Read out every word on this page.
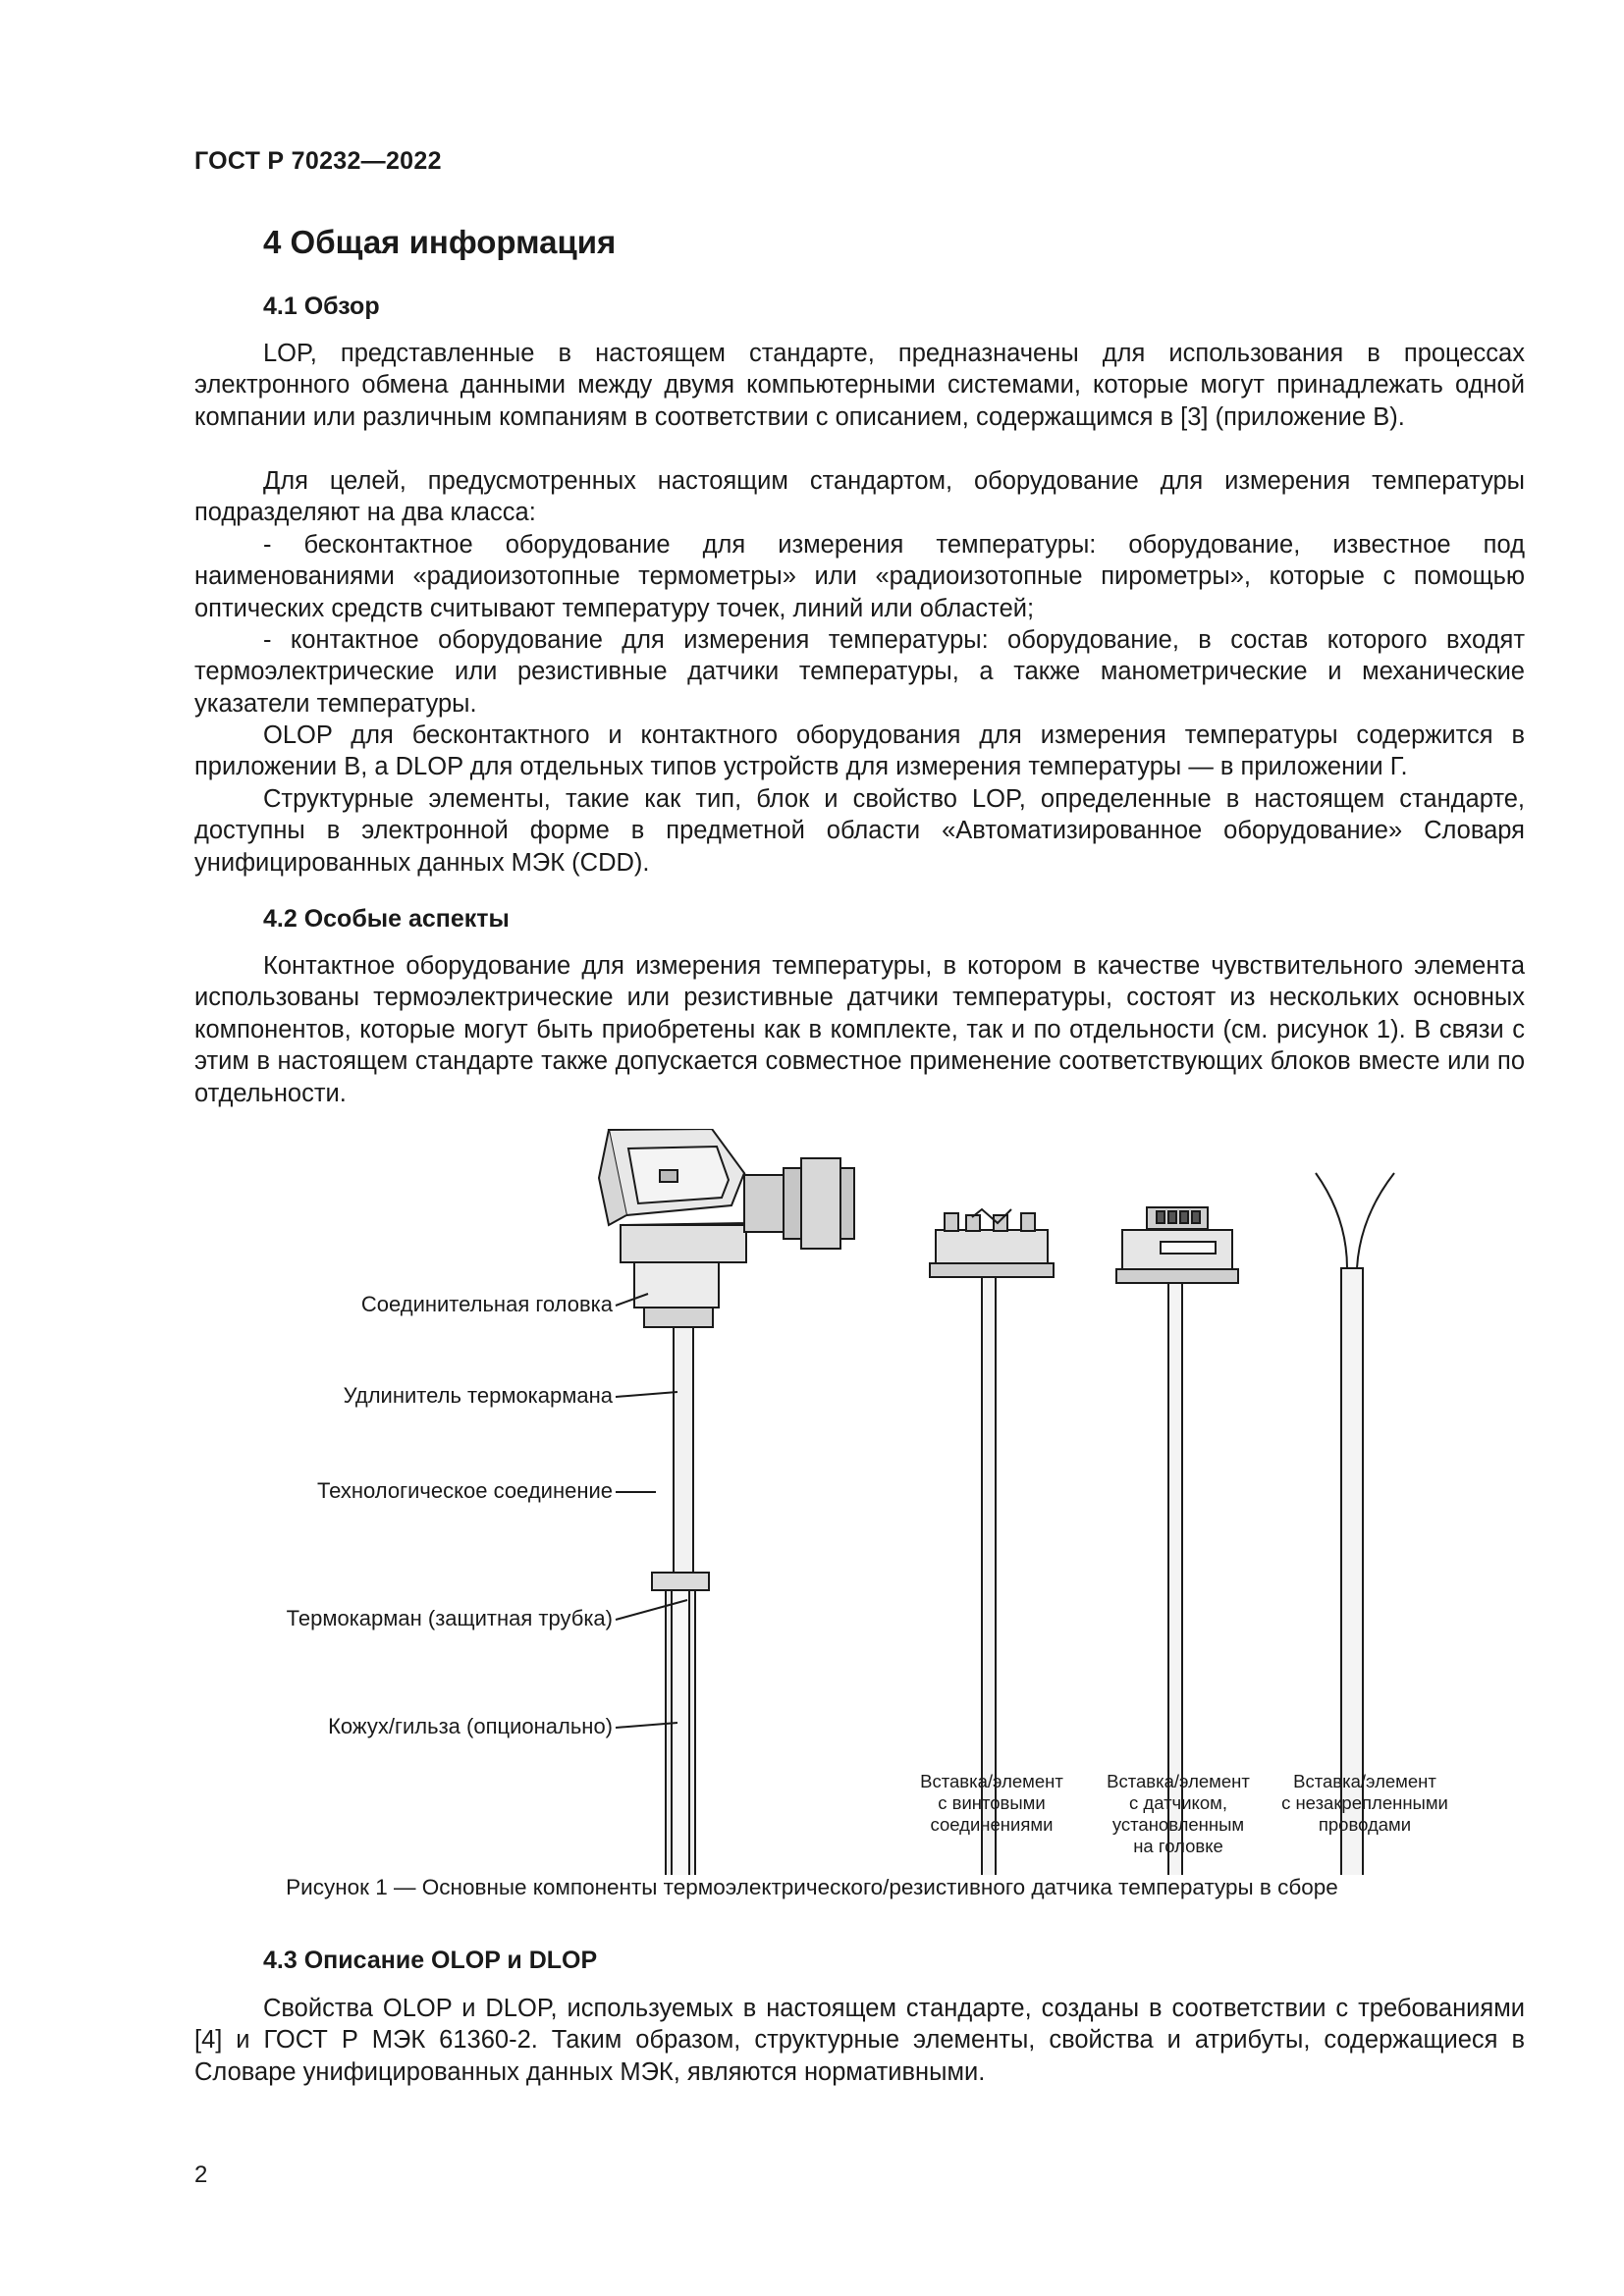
ГОСТ Р 70232—2022
4 Общая информация
4.1 Обзор

LOP, представленные в настоящем стандарте, предназначены для использования в процессах электронного обмена данными между двумя компьютерными системами, которые могут принадлежать одной компании или различным компаниям в соответствии с описанием, содержащимся в [3] (приложение В).

Для целей, предусмотренных настоящим стандартом, оборудование для измерения температуры подразделяют на два класса:

- бесконтактное оборудование для измерения температуры: оборудование, известное под наименованиями «радиоизотопные термометры» или «радиоизотопные пирометры», которые с помощью оптических средств считывают температуру точек, линий или областей;

- контактное оборудование для измерения температуры: оборудование, в состав которого входят термоэлектрические или резистивные датчики температуры, а также манометрические и механические указатели температуры.

OLOP для бесконтактного и контактного оборудования для измерения температуры содержится в приложении В, а DLOP для отдельных типов устройств для измерения температуры — в приложении Г.

Структурные элементы, такие как тип, блок и свойство LOP, определенные в настоящем стандарте, доступны в электронной форме в предметной области «Автоматизированное оборудование» Словаря унифицированных данных МЭК (CDD).

4.2 Особые аспекты

Контактное оборудование для измерения температуры, в котором в качестве чувствительного элемента использованы термоэлектрические или резистивные датчики температуры, состоят из нескольких основных компонентов, которые могут быть приобретены как в комплекте, так и по отдельности (см. рисунок 1). В связи с этим в настоящем стандарте также допускается совместное применение соответствующих блоков вместе или по отдельности.

Соединительная головка
Удлинитель термокармана
Технологическое соединение
Термокарман (защитная трубка)
Кожух/гильза (опционально)
Вставка/элемент
с винтовыми
соединениями
Вставка/элемент
с датчиком,
установленным
на головке
Вставка/элемент
с незакрепленными
проводами
Рисунок 1 — Основные компоненты термоэлектрического/резистивного датчика температуры в сборе
4.3 Описание OLOP и DLOP

Свойства OLOP и DLOP, используемых в настоящем стандарте, созданы в соответствии с требованиями [4] и ГОСТ Р МЭК 61360-2. Таким образом, структурные элементы, свойства и атрибуты, содержащиеся в Словаре унифицированных данных МЭК, являются нормативными.

2
